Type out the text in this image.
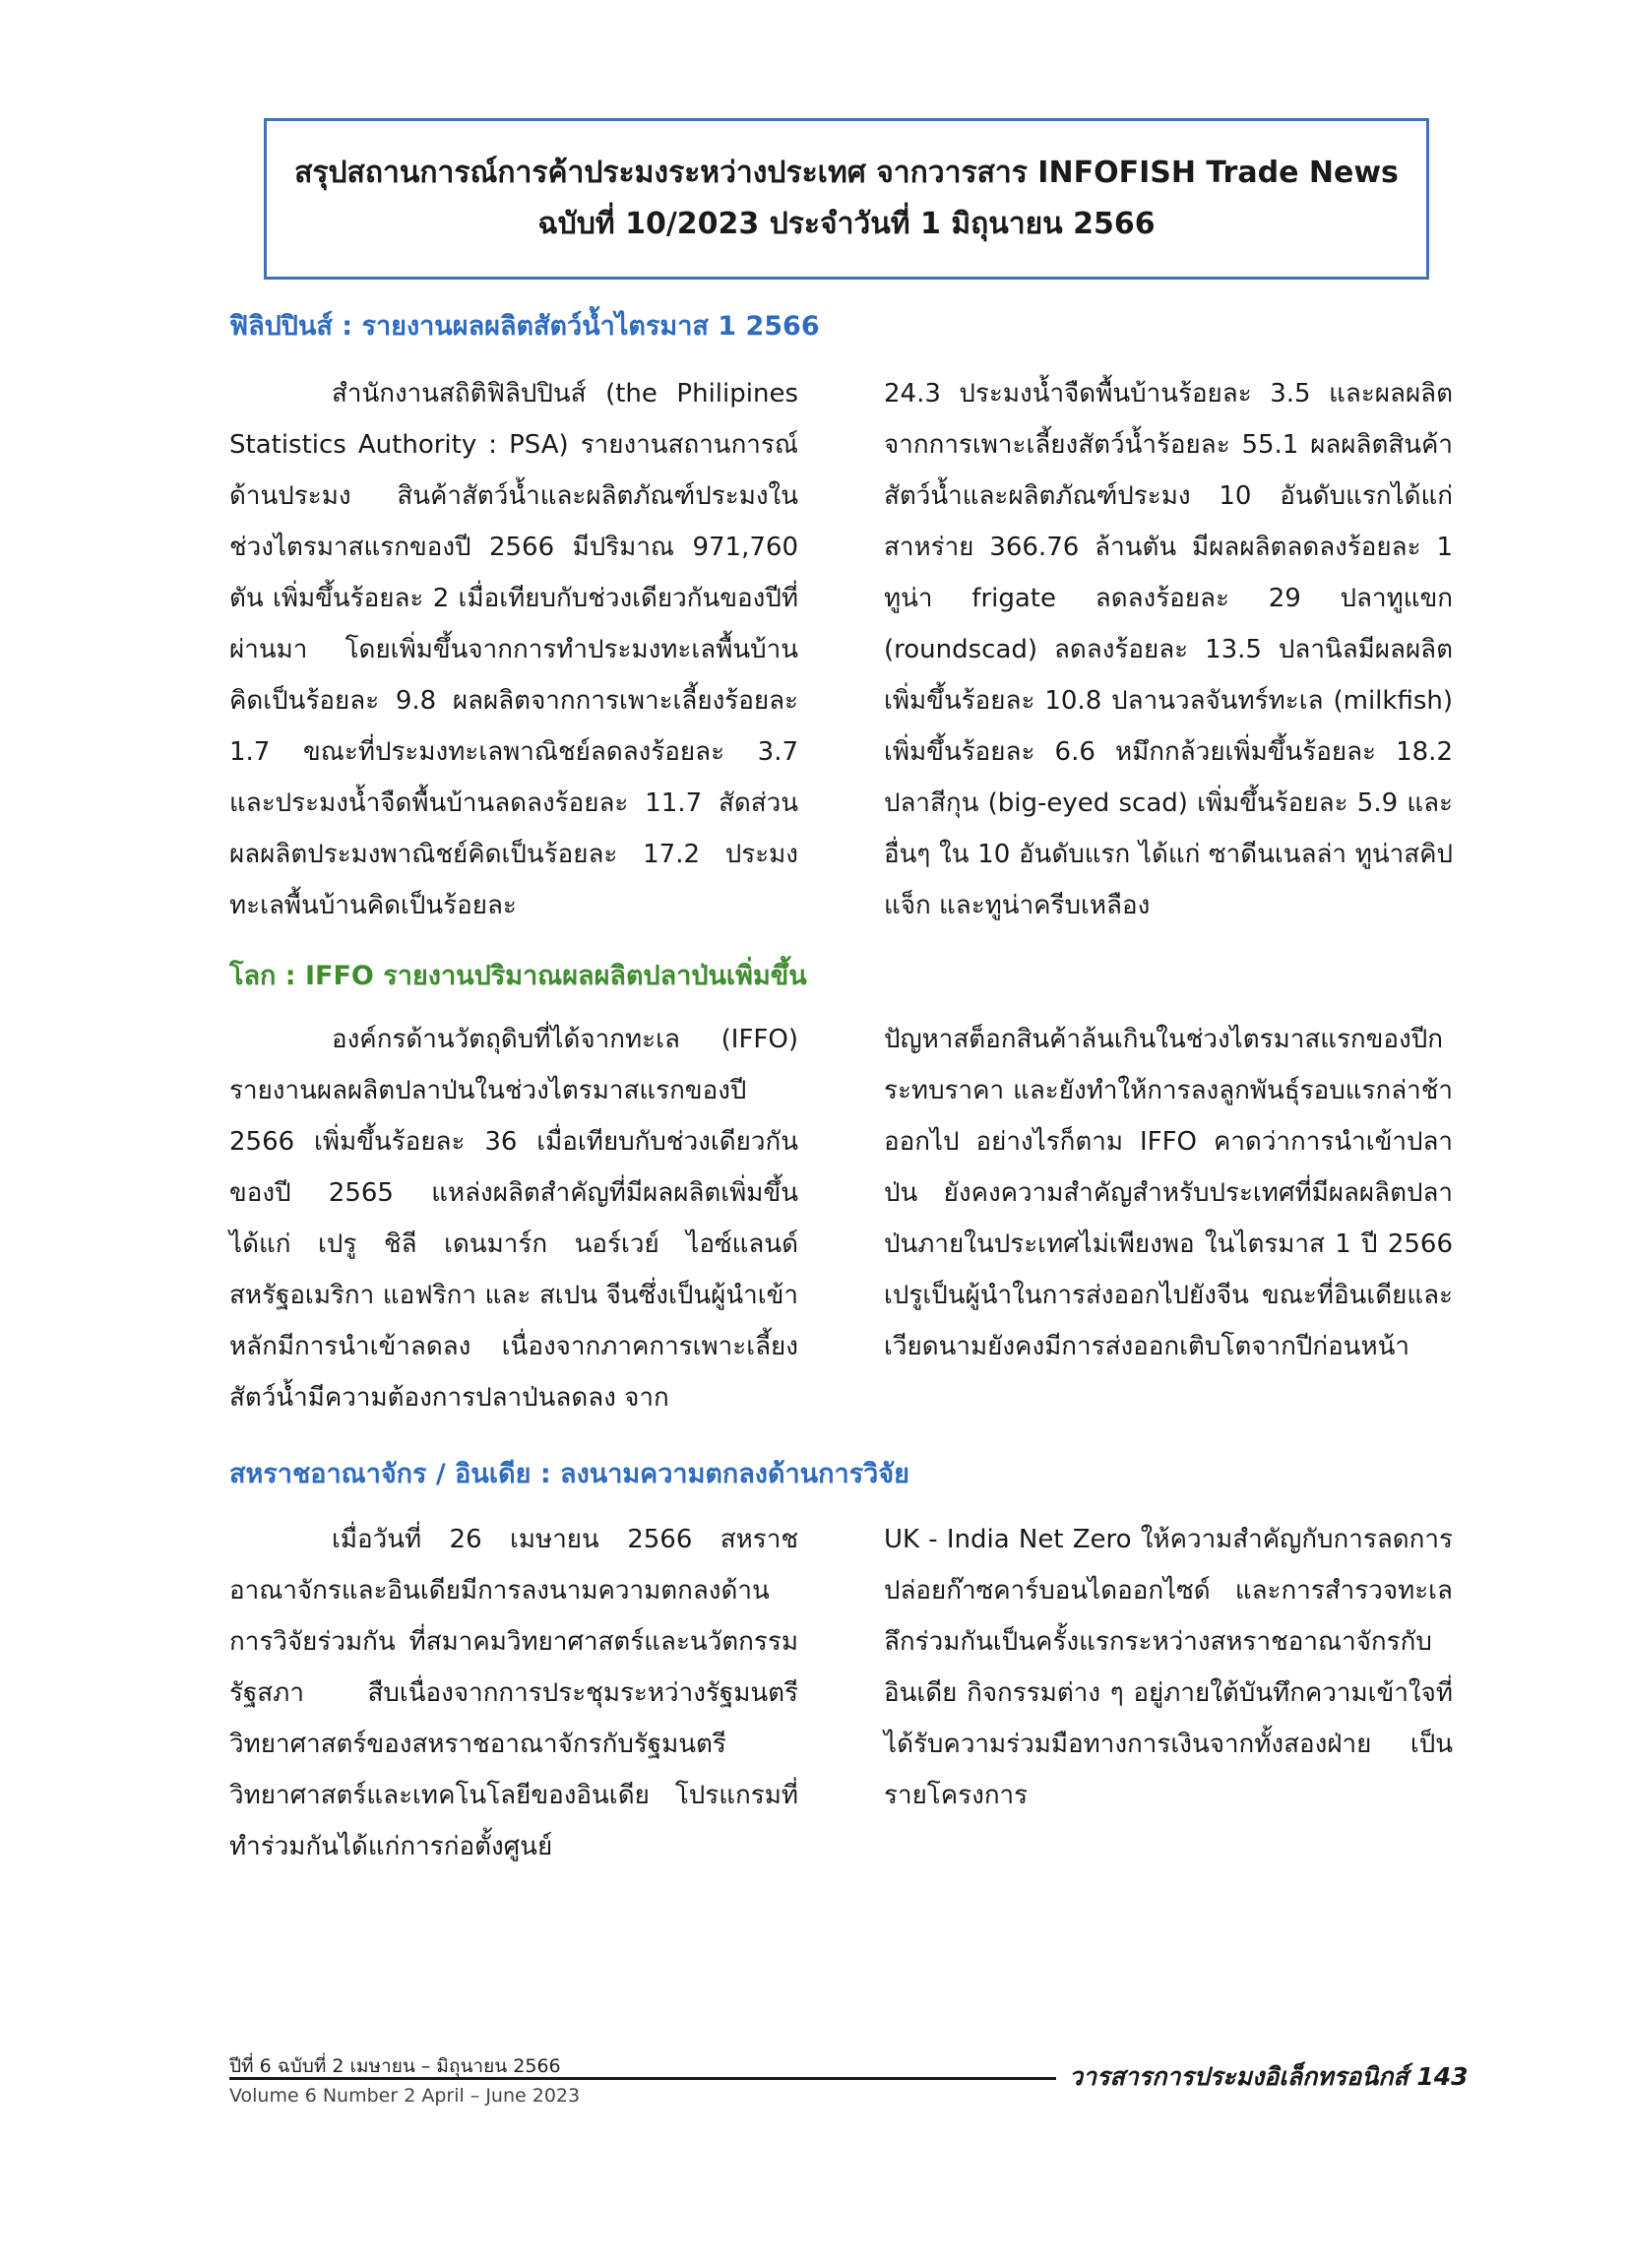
สรุปสถานการณ์การค้าประมงระหว่างประเทศ จากวารสาร INFOFISH Trade News
ฉบับที่ 10/2023 ประจำวันที่ 1 มิถุนายน 2566
ฟิลิปปินส์ : รายงานผลผลิตสัตว์น้ำไตรมาส 1 2566

สำนักงานสถิติฟิลิปปินส์ (the Philipines Statistics Authority : PSA) รายงานสถานการณ์ด้านประมง สินค้าสัตว์น้ำและผลิตภัณฑ์ประมงในช่วงไตรมาสแรกของปี 2566 มีปริมาณ 971,760 ตัน เพิ่มขึ้นร้อยละ 2 เมื่อเทียบกับช่วงเดียวกันของปีที่ผ่านมา โดยเพิ่มขึ้นจากการทำประมงทะเลพื้นบ้านคิดเป็นร้อยละ 9.8 ผลผลิตจากการเพาะเลี้ยงร้อยละ 1.7 ขณะที่ประมงทะเลพาณิชย์ลดลงร้อยละ 3.7 และประมงน้ำจืดพื้นบ้านลดลงร้อยละ 11.7 สัดส่วนผลผลิตประมงพาณิชย์คิดเป็นร้อยละ 17.2 ประมงทะเลพื้นบ้านคิดเป็นร้อยละ

24.3 ประมงน้ำจืดพื้นบ้านร้อยละ 3.5 และผลผลิตจากการเพาะเลี้ยงสัตว์น้ำร้อยละ 55.1 ผลผลิตสินค้าสัตว์น้ำและผลิตภัณฑ์ประมง 10 อันดับแรกได้แก่ สาหร่าย 366.76 ล้านตัน มีผลผลิตลดลงร้อยละ 1 ทูน่า frigate ลดลงร้อยละ 29 ปลาทูแขก (roundscad) ลดลงร้อยละ 13.5 ปลานิลมีผลผลิตเพิ่มขึ้นร้อยละ 10.8 ปลานวลจันทร์ทะเล (milkfish) เพิ่มขึ้นร้อยละ 6.6 หมึกกล้วยเพิ่มขึ้นร้อยละ 18.2 ปลาสีกุน (big-eyed scad) เพิ่มขึ้นร้อยละ 5.9 และอื่นๆ ใน 10 อันดับแรก ได้แก่ ซาดีนเนลล่า ทูน่าสคิปแจ็ก และทูน่าครีบเหลือง

โลก : IFFO รายงานปริมาณผลผลิตปลาป่นเพิ่มขึ้น

องค์กรด้านวัตถุดิบที่ได้จากทะเล (IFFO) รายงานผลผลิตปลาป่นในช่วงไตรมาสแรกของปี 2566 เพิ่มขึ้นร้อยละ 36 เมื่อเทียบกับช่วงเดียวกันของปี 2565 แหล่งผลิตสำคัญที่มีผลผลิตเพิ่มขึ้นได้แก่ เปรู ชิลี เดนมาร์ก นอร์เวย์ ไอซ์แลนด์ สหรัฐอเมริกา แอฟริกา และ สเปน จีนซึ่งเป็นผู้นำเข้าหลักมีการนำเข้าลดลง เนื่องจากภาคการเพาะเลี้ยงสัตว์น้ำมีความต้องการปลาป่นลดลง จาก

ปัญหาสต็อกสินค้าล้นเกินในช่วงไตรมาสแรกของปีกระทบราคา และยังทำให้การลงลูกพันธุ์รอบแรกล่าช้าออกไป อย่างไรก็ตาม IFFO คาดว่าการนำเข้าปลาป่น ยังคงความสำคัญสำหรับประเทศที่มีผลผลิตปลาป่นภายในประเทศไม่เพียงพอ ในไตรมาส 1 ปี 2566 เปรูเป็นผู้นำในการส่งออกไปยังจีน ขณะที่อินเดียและเวียดนามยังคงมีการส่งออกเติบโตจากปีก่อนหน้า

สหราชอาณาจักร / อินเดีย : ลงนามความตกลงด้านการวิจัย

เมื่อวันที่ 26 เมษายน 2566 สหราชอาณาจักรและอินเดียมีการลงนามความตกลงด้านการวิจัยร่วมกัน ที่สมาคมวิทยาศาสตร์และนวัตกรรม รัฐสภา สืบเนื่องจากการประชุมระหว่างรัฐมนตรีวิทยาศาสตร์ของสหราชอาณาจักรกับรัฐมนตรีวิทยาศาสตร์และเทคโนโลยีของอินเดีย โปรแกรมที่ทำร่วมกันได้แก่การก่อตั้งศูนย์

UK - India Net Zero ให้ความสำคัญกับการลดการปล่อยก๊าซคาร์บอนไดออกไซด์ และการสำรวจทะเลลึกร่วมกันเป็นครั้งแรกระหว่างสหราชอาณาจักรกับอินเดีย กิจกรรมต่าง ๆ อยู่ภายใต้บันทึกความเข้าใจที่ได้รับความร่วมมือทางการเงินจากทั้งสองฝ่าย เป็นรายโครงการ

ปีที่ 6 ฉบับที่ 2 เมษายน – มิถุนายน 2566
Volume 6 Number 2 April – June 2023
วารสารการประมงอิเล็กทรอนิกส์ 143
